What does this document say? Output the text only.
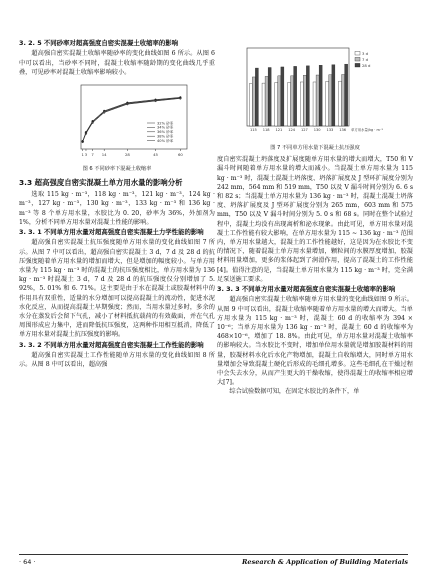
3. 2. 5 不同砂率对超高强度自密实混凝土收缩率的影响

超高强自密实混凝土收缩率随砂率的变化曲线如图 6 所示。从图 6 中可以看出，当砂率不同时，混凝土收缩率随龄期的变化曲线几乎重叠，可见砂率对混凝土收缩率影响较小。

1 3 7 14	28	45	60
32% 砂率
34% 砂率
36% 砂率
38% 砂率
40% 砂率
图 6 不同砂率下混凝土收缩率
3.3 超高强度自密实混凝土单方用水量的影响分析

选取 115 kg · m⁻³，118 kg · m⁻³，121 kg · m⁻³，124 kg · m⁻³，127 kg · m⁻³，130 kg · m⁻³，133 kg · m⁻³ 和 136 kg · m⁻³ 等 8 个单方用水量，水胶比为 0. 20，砂率为 36%，外加剂为 1%，分析不同单方用水量对混凝土性能的影响。

3. 3. 1 不同单方用水量对超高强度自密实混凝土力学性能的影响

超高强自密实混凝土抗压强度随单方用水量的变化曲线如图 7 所示。从图 7 中可以看出，超高强自密实混凝土 3 d，7 d 及 28 d 的抗压强度随着单方用水量的增加而增大，但是增加的幅度较小。与单方用水量为 115 kg · m⁻³ 时的混凝土的抗压强度相比，单方用水量为 136 kg · m⁻³ 时混凝土 3 d，7 d 及 28 d 的抗压强度仅分别增加了 5. 92%，5. 01% 和 6. 71%。这主要是由于水在混凝土或胶凝材料中的作用具有双重性，适量的水分增加可以提高混凝土的流动性，促进水泥水化反应，从而提高混凝土早期强度；然而，当用水量过多时，多余的水分在蒸发后会留下气孔，减小了材料抵抗载荷的有效截面，并在气孔周围形成应力集中，进而降低抗压强度，这两种作用相互抵消，降低了单方用水量对混凝土抗压强度的影响。

3. 3. 2 不同单方用水量对超高强度自密实混凝土工作性能的影响

超高强自密实混凝土工作性能随单方用水量的变化曲线如图 8 所示。从图 8 中可以看出，超高强

115 118 121 124 127 130 133 136 单方用水量/kg · m⁻³
3 d
7 d
28 d
图 7 不同单方用水量下混凝土抗压强度

度自密实混凝土坍落度及扩展度随单方用水量的增大而增大，T50 和 V 漏斗时间随着单方用水量的增大而减小。当混凝土单方用水量为 115 kg · m⁻³ 时，混凝土混凝土坍落度、坍落扩展度及 J 型环扩展度分别为 242 mm，564 mm 和 519 mm，T50 以及 V 漏斗时间分别为 6. 6 s 和 82 s；当混凝土单方用水量为 136 kg · m⁻³ 时，混凝土混凝土坍落度、坍落扩展度及 J 型环扩展度分别为 265 mm，603 mm 和 575 mm，T50 以及 V 漏斗时间分别为 5. 0 s 和 68 s。同时在整个试验过程中，混凝土均没有出现离析和泌水现象。由此可见，单方用水量对混凝土工作性能有较大影响，在单方用水量为 115 ~ 136 kg · m⁻³ 范围内，单方用水量越大，混凝土的工作性能越好，这是因为在水胶比不变的情况下，随着混凝土单方用水量增加，颗粒间的水膜厚度增加，胶凝材料用量增加，更多的浆体起到了润滑作用，提高了混凝土的工作性能[4]。值得注意的是，当混凝土单方用水量为 115 kg · m⁻³ 时，完全满足泵送施工要求。

3. 3. 3 不同单方用水量对超高强度自密实混凝土收缩率的影响

超高强自密实混凝土收缩率随单方用水量的变化曲线如图 9 所示。从图 9 中可以看出，混凝土收缩率随着单方用水量的增大而增大。当单方用水量为 115 kg · m⁻³ 时，混凝土 60 d 的收缩率为 394 × 10⁻⁶；当单方用水量为 136 kg · m⁻³ 时，混凝土 60 d 的收缩率为 468×10⁻⁶，增加了 18. 8%。由此可见，单方用水量对混凝土收缩率的影响较大。当水胶比不变时，增加单位用水量就是增加胶凝材料的用量，胶凝材料水化后水化产物增加，混凝土自收缩增大，同时单方用水量增加会导致混凝土硬化后形成的毛细孔增多。这些毛细孔在干燥过程中会失去水分，从而产生更大的干燥收缩，使得混凝土的收缩率相应增大[7]。

综合试验数据可知，在固定水胶比的条件下，单

· 64 ·	Research & Application of Building Materials
